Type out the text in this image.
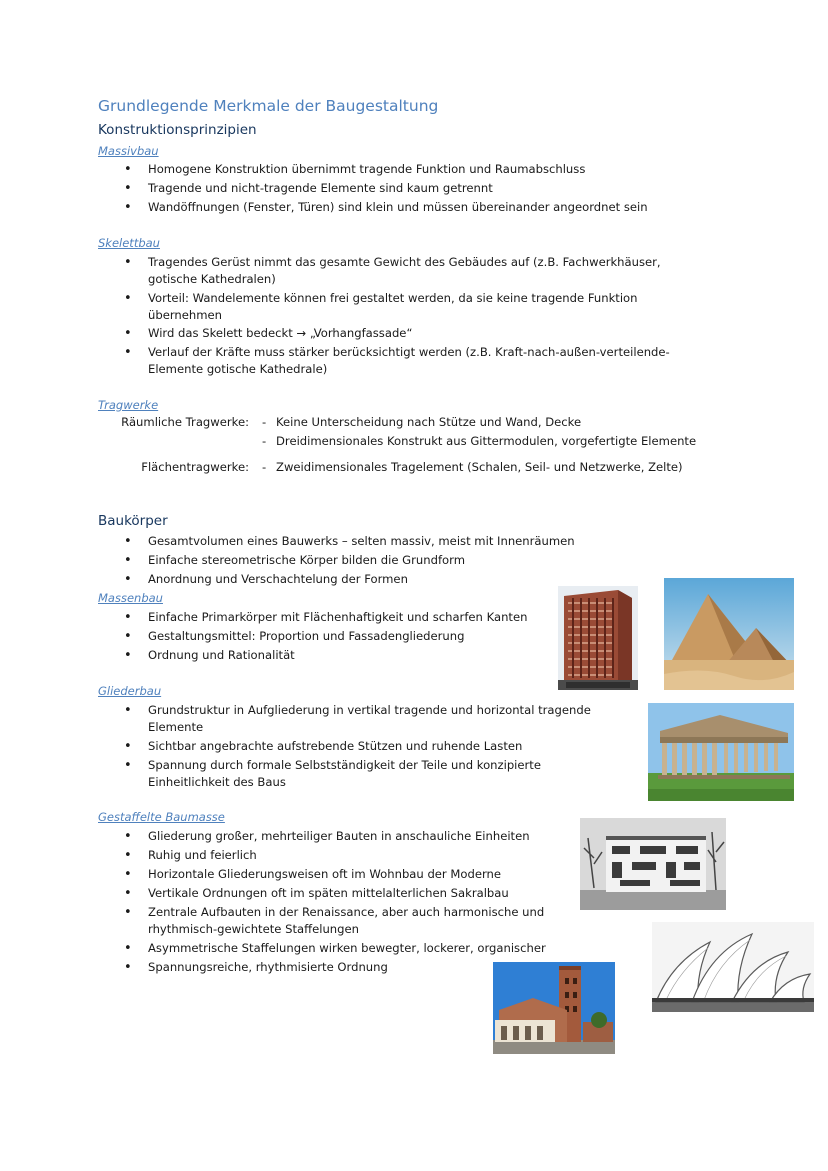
Grundlegende Merkmale der Baugestaltung
Konstruktionsprinzipien
Massivbau
• Homogene Konstruktion übernimmt tragende Funktion und Raumabschluss
• Tragende und nicht-tragende Elemente sind kaum getrennt
• Wandöffnungen (Fenster, Türen) sind klein und müssen übereinander angeordnet sein
Skelettbau
• Tragendes Gerüst nimmt das gesamte Gewicht des Gebäudes auf (z.B. Fachwerkhäuser, gotische Kathedralen)
• Vorteil: Wandelemente können frei gestaltet werden, da sie keine tragende Funktion übernehmen
• Wird das Skelett bedeckt → „Vorhangfassade“
• Verlauf der Kräfte muss stärker berücksichtigt werden (z.B. Kraft-nach-außen-verteilende-Elemente gotische Kathedrale)
Tragwerke
Räumliche Tragwerke:	- Keine Unterscheidung nach Stütze und Wand, Decke
- Dreidimensionales Konstrukt aus Gittermodulen, vorgefertigte Elemente
Flächentragwerke:	- Zweidimensionales Tragelement (Schalen, Seil- und Netzwerke, Zelte)
Baukörper
• Gesamtvolumen eines Bauwerks – selten massiv, meist mit Innenräumen
• Einfache stereometrische Körper bilden die Grundform
• Anordnung und Verschachtelung der Formen
Massenbau
• Einfache Primarkörper mit Flächenhaftigkeit und scharfen Kanten
• Gestaltungsmittel: Proportion und Fassadengliederung
• Ordnung und Rationalität
Gliederbau
• Grundstruktur in Aufgliederung in vertikal tragende und horizontal tragende Elemente
• Sichtbar angebrachte aufstrebende Stützen und ruhende Lasten
• Spannung durch formale Selbstständigkeit der Teile und konzipierte Einheitlichkeit des Baus
Gestaffelte Baumasse
• Gliederung großer, mehrteiliger Bauten in anschauliche Einheiten
• Ruhig und feierlich
• Horizontale Gliederungsweisen oft im Wohnbau der Moderne
• Vertikale Ordnungen oft im späten mittelalterlichen Sakralbau
• Zentrale Aufbauten in der Renaissance, aber auch harmonische und rhythmisch-gewichtete Staffelungen
• Asymmetrische Staffelungen wirken bewegter, lockerer, organischer
• Spannungsreiche, rhythmisierte Ordnung
